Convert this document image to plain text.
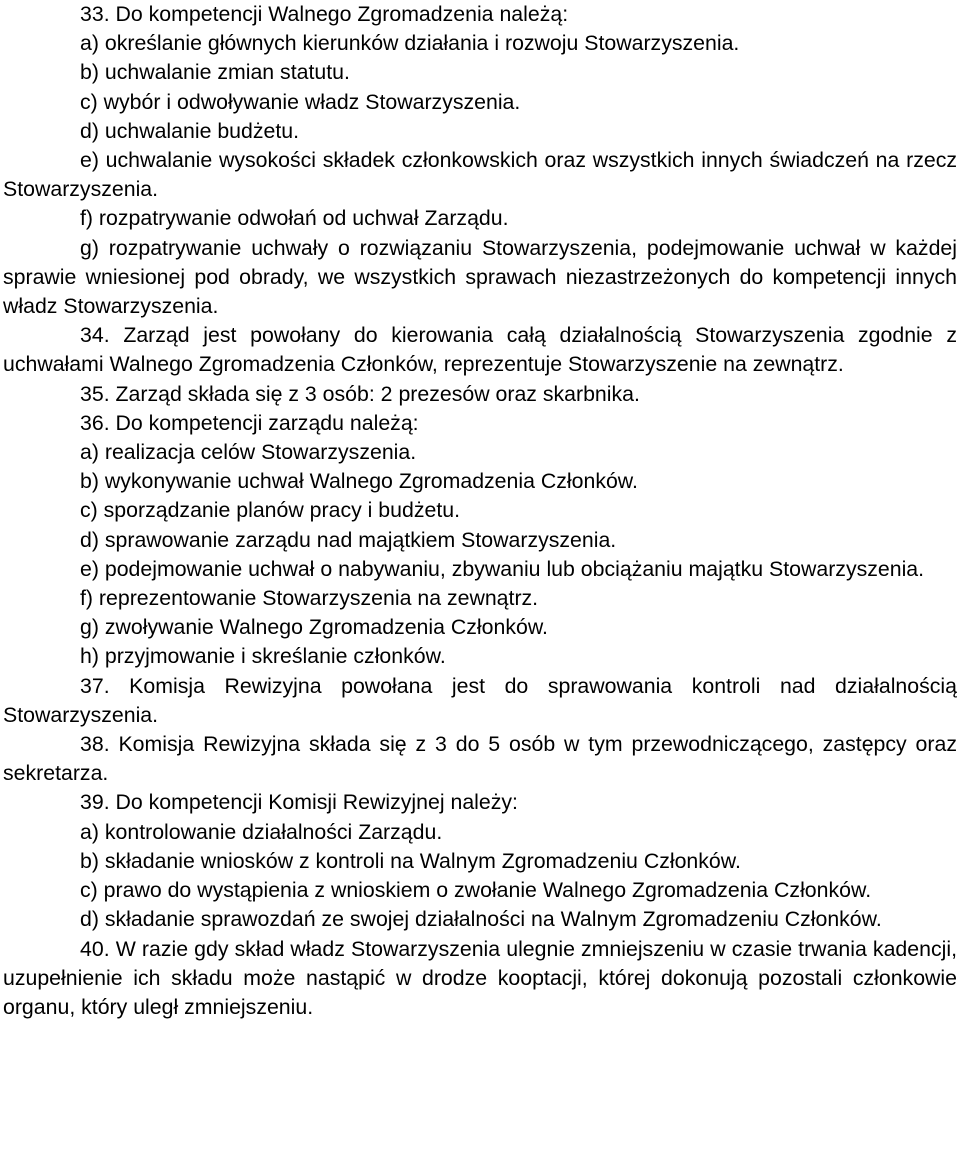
33. Do kompetencji Walnego Zgromadzenia należą:

a) określanie głównych kierunków działania i rozwoju Stowarzyszenia.

b) uchwalanie zmian statutu.

c) wybór i odwoływanie władz Stowarzyszenia.

d) uchwalanie budżetu.

e) uchwalanie wysokości składek członkowskich oraz wszystkich innych świadczeń na rzecz Stowarzyszenia.

f) rozpatrywanie odwołań od uchwał Zarządu.

g) rozpatrywanie uchwały o rozwiązaniu Stowarzyszenia, podejmowanie uchwał w każdej sprawie wniesionej pod obrady, we wszystkich sprawach niezastrzeżonych do kompetencji innych władz Stowarzyszenia.

34. Zarząd jest powołany do kierowania całą działalnością Stowarzyszenia zgodnie z uchwałami Walnego Zgromadzenia Członków, reprezentuje Stowarzyszenie na zewnątrz.

35. Zarząd składa się z 3 osób: 2 prezesów oraz skarbnika.

36. Do kompetencji zarządu należą:

a) realizacja celów Stowarzyszenia.

b) wykonywanie uchwał Walnego Zgromadzenia Członków.

c) sporządzanie planów pracy i budżetu.

d) sprawowanie zarządu nad majątkiem Stowarzyszenia.

e) podejmowanie uchwał o nabywaniu, zbywaniu lub obciążaniu majątku Stowarzyszenia.

f) reprezentowanie Stowarzyszenia na zewnątrz.

g) zwoływanie Walnego Zgromadzenia Członków.

h) przyjmowanie i skreślanie członków.

37. Komisja Rewizyjna powołana jest do sprawowania kontroli nad działalnością Stowarzyszenia.

38. Komisja Rewizyjna składa się z 3 do 5 osób w tym przewodniczącego, zastępcy oraz sekretarza.

39. Do kompetencji Komisji Rewizyjnej należy:

a) kontrolowanie działalności Zarządu.

b) składanie wniosków z kontroli na Walnym Zgromadzeniu Członków.

c) prawo do wystąpienia z wnioskiem o zwołanie Walnego Zgromadzenia Członków.

d) składanie sprawozdań ze swojej działalności na Walnym Zgromadzeniu Członków.

40. W razie gdy skład władz Stowarzyszenia ulegnie zmniejszeniu w czasie trwania kadencji, uzupełnienie ich składu może nastąpić w drodze kooptacji, której dokonują pozostali członkowie organu, który uległ zmniejszeniu.
